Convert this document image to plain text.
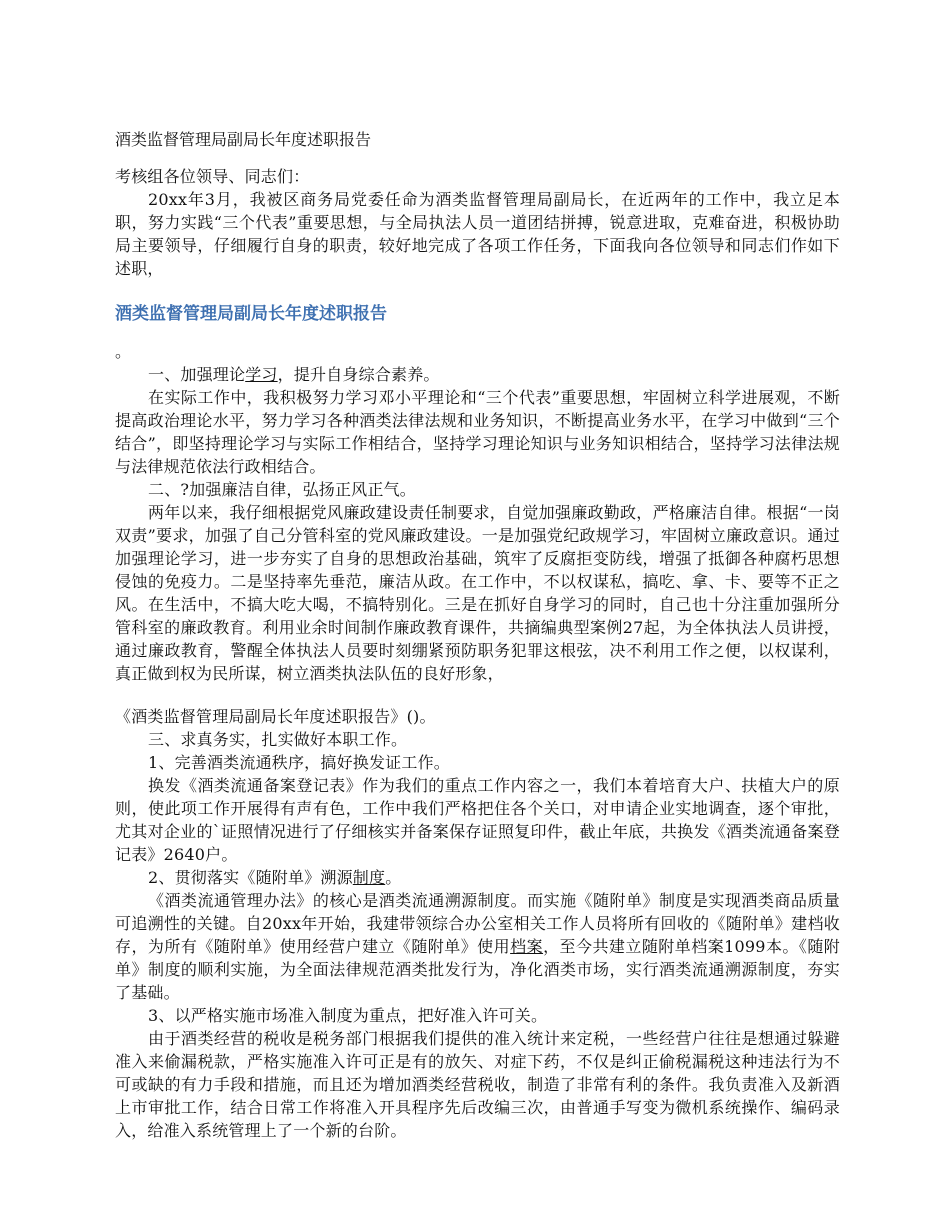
酒类监督管理局副局长年度述职报告

考核组各位领导、同志们：

20xx年3月，我被区商务局党委任命为酒类监督管理局副局长，在近两年的工作中，我立足本职，努力实践“三个代表”重要思想，与全局执法人员一道团结拼搏，锐意进取，克难奋进，积极协助局主要领导，仔细履行自身的职责，较好地完成了各项工作任务，下面我向各位领导和同志们作如下述职，

酒类监督管理局副局长年度述职报告

。

一、加强理论学习，提升自身综合素养。

在实际工作中，我积极努力学习邓小平理论和“三个代表”重要思想，牢固树立科学进展观，不断提高政治理论水平，努力学习各种酒类法律法规和业务知识，不断提高业务水平，在学习中做到“三个结合”，即坚持理论学习与实际工作相结合，坚持学习理论知识与业务知识相结合，坚持学习法律法规与法律规范依法行政相结合。

二、?加强廉洁自律，弘扬正风正气。

两年以来，我仔细根据党风廉政建设责任制要求，自觉加强廉政勤政，严格廉洁自律。根据“一岗双责”要求，加强了自己分管科室的党风廉政建设。一是加强党纪政规学习，牢固树立廉政意识。通过加强理论学习，进一步夯实了自身的思想政治基础，筑牢了反腐拒变防线，增强了抵御各种腐朽思想侵蚀的免疫力。二是坚持率先垂范，廉洁从政。在工作中，不以权谋私，搞吃、拿、卡、要等不正之风。在生活中，不搞大吃大喝，不搞特别化。三是在抓好自身学习的同时，自己也十分注重加强所分管科室的廉政教育。利用业余时间制作廉政教育课件，共摘编典型案例27起，为全体执法人员讲授，通过廉政教育，警醒全体执法人员要时刻绷紧预防职务犯罪这根弦，决不利用工作之便，以权谋利，真正做到权为民所谋，树立酒类执法队伍的良好形象，

《酒类监督管理局副局长年度述职报告》()。

三、求真务实，扎实做好本职工作。

1、完善酒类流通秩序，搞好换发证工作。

换发《酒类流通备案登记表》作为我们的重点工作内容之一，我们本着培育大户、扶植大户的原则，使此项工作开展得有声有色，工作中我们严格把住各个关口，对申请企业实地调查，逐个审批，尤其对企业的`证照情况进行了仔细核实并备案保存证照复印件，截止年底，共换发《酒类流通备案登记表》2640户。

2、贯彻落实《随附单》溯源制度。

《酒类流通管理办法》的核心是酒类流通溯源制度。而实施《随附单》制度是实现酒类商品质量可追溯性的关键。自20xx年开始，我建带领综合办公室相关工作人员将所有回收的《随附单》建档收存，为所有《随附单》使用经营户建立《随附单》使用档案，至今共建立随附单档案1099本。《随附单》制度的顺利实施，为全面法律规范酒类批发行为，净化酒类市场，实行酒类流通溯源制度，夯实了基础。

3、以严格实施市场准入制度为重点，把好准入许可关。

由于酒类经营的税收是税务部门根据我们提供的准入统计来定税，一些经营户往往是想通过躲避准入来偷漏税款，严格实施准入许可正是有的放矢、对症下药，不仅是纠正偷税漏税这种违法行为不可或缺的有力手段和措施，而且还为增加酒类经营税收，制造了非常有利的条件。我负责准入及新酒上市审批工作，结合日常工作将准入开具程序先后改编三次，由普通手写变为微机系统操作、编码录入，给准入系统管理上了一个新的台阶。
